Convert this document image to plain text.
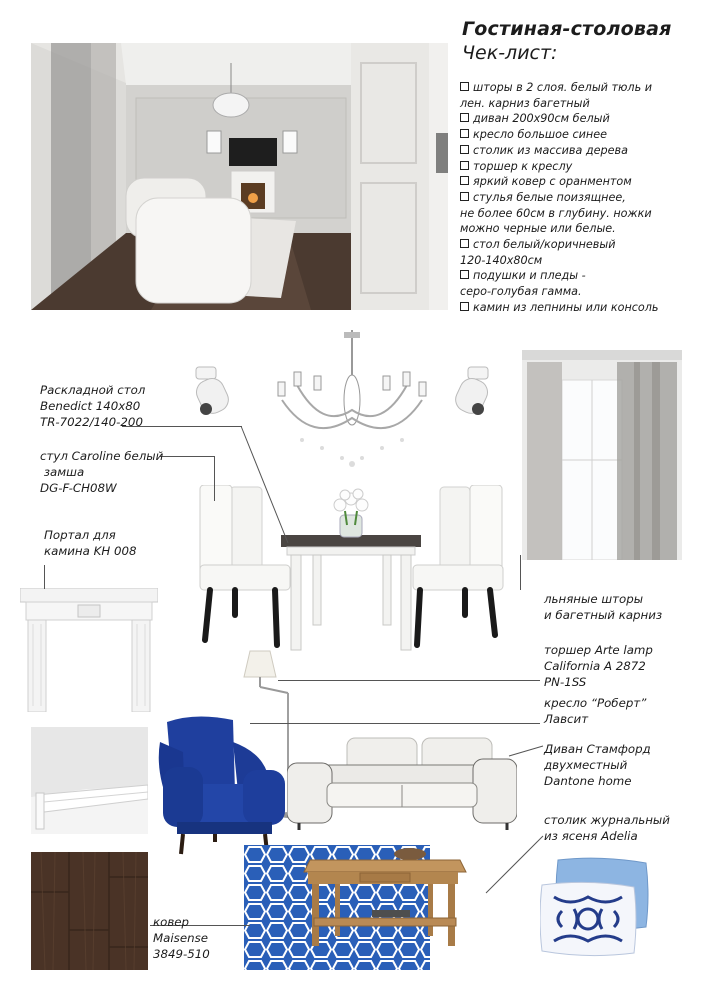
Гостиная-столовая
Чек-лист:
шторы в 2 слоя. белый тюль и
лен. карниз багетный
диван 200х90см белый
кресло большое синее
столик из массива дерева
торшер к креслу
яркий ковер с оранментом
стулья белые поизящнее,
не более 60см в глубину. ножки
можно черные или белые.
стол белый/коричневый
120-140х80см
подушки и пледы -
серо-голубая гамма.
камин из лепнины или консоль
Раскладной стол
Benedict 140х80
TR-7022/140-200
стул Caroline белый
замша
DG-F-CH08W
Портал для
камина KH 008
льняные шторы
и багетный карниз
торшер Arte lamp
California A 2872
PN-1SS
кресло “Роберт”
Лавсит
Диван Стамфорд
двухместный
Dantone home
столик журнальный
из ясеня Adelia
ковер
Maisense
3849-510
